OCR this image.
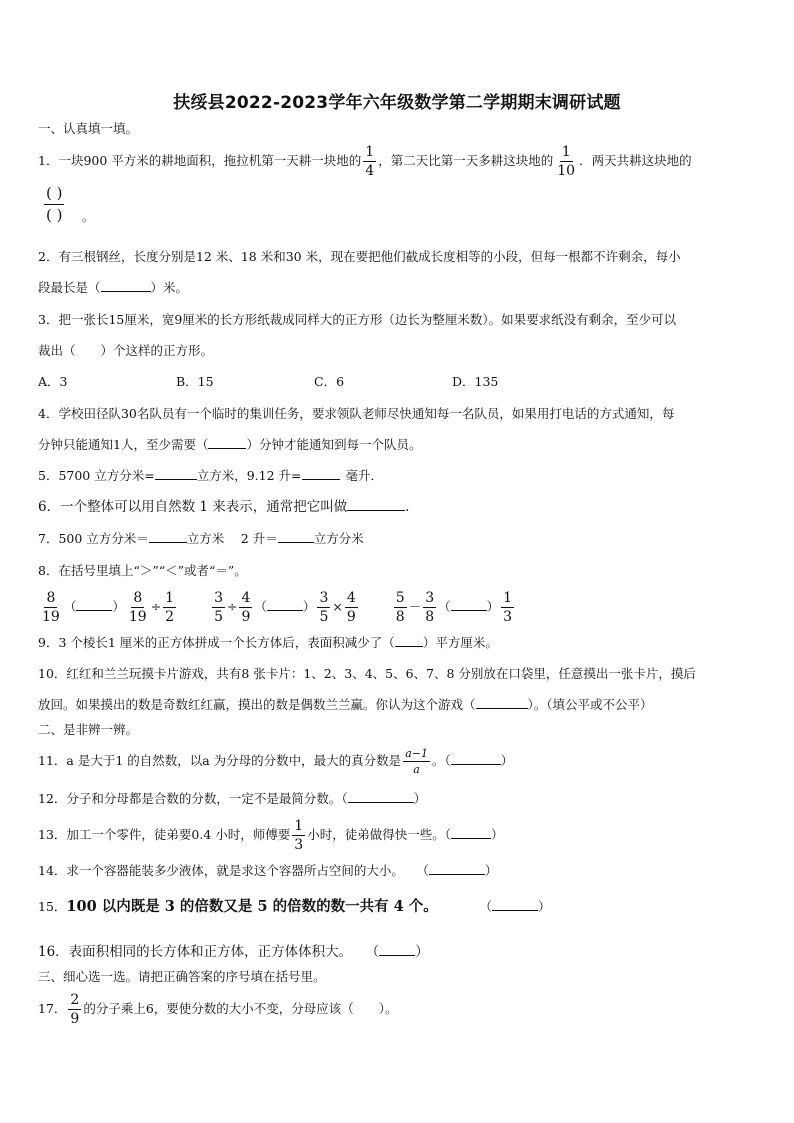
扶绥县2022-2023学年六年级数学第二学期期末调研试题
一、认真填一填。
1．一块900 平方米的耕地面积，拖拉机第一天耕一块地的 $\frac{1}{4}$ ，第二天比第一天多耕这块地的 $\frac{1}{10}$ ．两天共耕这块地的
( )
( ) 。
2．有三根钢丝，长度分别是12 米、18 米和30 米，现在要把他们截成长度相等的小段，但每一根都不许剩余，每小
段最长是（	）米。
3．把一张长15厘米，宽9厘米的长方形纸裁成同样大的正方形（边长为整厘米数）。如果要求纸没有剩余，至少可以
裁出（　　）个这样的正方形。
A．3	B．15	C．6	D．135
4．学校田径队30名队员有一个临时的集训任务，要求领队老师尽快通知每一名队员，如果用打电话的方式通知，每
分钟只能通知1人，至少需要（	）分钟才能通知到每一个队员。
5．5700 立方分米=	立方米，9.12 升=	毫升．
6．一个整体可以用自然数 1 来表示，通常把它叫做	．
7．500 立方分米＝	立方米　 2 升＝	立方分米
8．在括号里填上“＞”“＜”或者“＝”。
$\frac{8}{19}$ （	） $\frac{8}{19} \div \frac{1}{2}$
	$\frac{3}{5} \div \frac{4}{9}$ （	） $\frac{3}{5} \times \frac{4}{9}$
	$\frac{5}{8} - \frac{3}{8}$ （	） $\frac{1}{3}$
9．3 个棱长1 厘米的正方体拼成一个长方体后，表面积减少了（ ）平方厘米。
10．红红和兰兰玩摸卡片游戏，共有8 张卡片：1、2、3、4、5、6、7、8 分别放在口袋里，任意摸出一张卡片，摸后
放回。如果摸出的数是奇数红红赢，摸出的数是偶数兰兰赢。你认为这个游戏（	）。（填公平或不公平）
二、是非辨一辨。
11．a 是大于1 的自然数，以a 为分母的分数中，最大的真分数是 $\frac{a-1}{a}$ 。（	）
12．分子和分母都是合数的分数，一定不是最简分数。（	）
13．加工一个零件，徒弟要0.4 小时，师傅要 $\frac{1}{3}$ 小时，徒弟做得快一些。（	）
14．求一个容器能装多少液体，就是求这个容器所占空间的大小。　　（	）
15．100 以内既是 3 的倍数又是 5 的倍数的数一共有 4 个。	（	）
16．表面积相同的长方体和正方体，正方体体积大。　　（	）
三、细心选一选。请把正确答案的序号填在括号里。
17． $\frac{2}{9}$ 的分子乘上6，要使分数的大小不变，分母应该（　　）。
